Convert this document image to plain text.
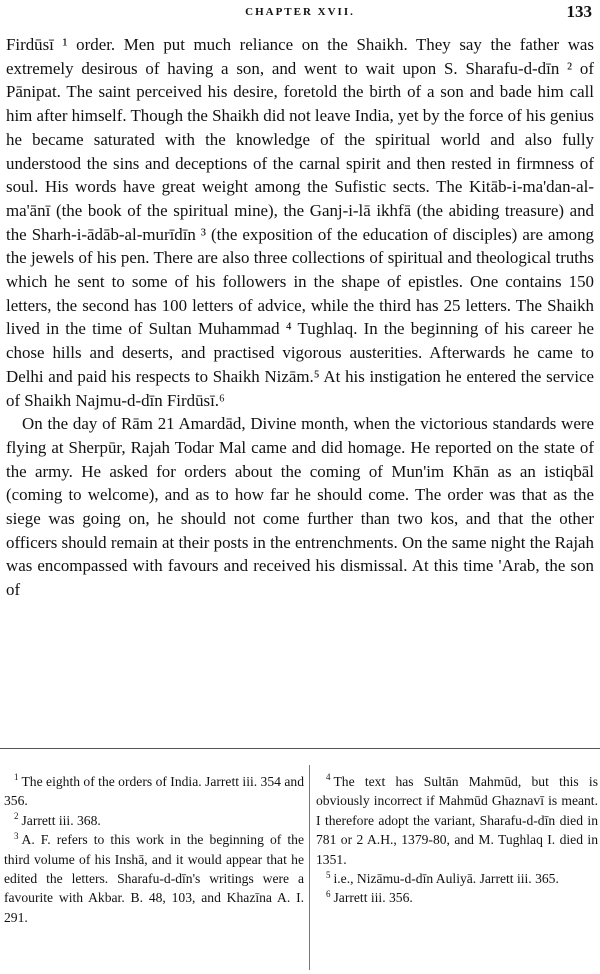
CHAPTER XVII.	133

Firdūsī ¹ order. Men put much reliance on the Shaikh. They say the father was extremely desirous of having a son, and went to wait upon S. Sharafu-d-dīn ² of Pānipat. The saint perceived his desire, foretold the birth of a son and bade him call him after himself. Though the Shaikh did not leave India, yet by the force of his genius he became saturated with the knowledge of the spiritual world and also fully understood the sins and deceptions of the carnal spirit and then rested in firmness of soul. His words have great weight among the Sufistic sects. The Kitāb-i-ma'dan-al-ma'ānī (the book of the spiritual mine), the Ganj-i-lā ikhfā (the abiding treasure) and the Sharh-i-ādāb-al-murīdīn ³ (the exposition of the education of disciples) are among the jewels of his pen. There are also three collections of spiritual and theological truths which he sent to some of his followers in the shape of epistles. One contains 150 letters, the second has 100 letters of advice, while the third has 25 letters. The Shaikh lived in the time of Sultan Muhammad ⁴ Tughlaq. In the beginning of his career he chose hills and deserts, and practised vigorous austerities. Afterwards he came to Delhi and paid his respects to Shaikh Nizām.⁵ At his instigation he entered the service of Shaikh Najmu-d-dīn Firdūsī.⁶

On the day of Rām 21 Amardād, Divine month, when the victorious standards were flying at Sherpūr, Rajah Todar Mal came and did homage. He reported on the state of the army. He asked for orders about the coming of Mun'im Khān as an istiqbāl (coming to welcome), and as to how far he should come. The order was that as the siege was going on, he should not come further than two kos, and that the other officers should remain at their posts in the entrenchments. On the same night the Rajah was encompassed with favours and received his dismissal. At this time 'Arab, the son of

$^1$ The eighth of the orders of India. Jarrett iii. 354 and 356.
$^2$ Jarrett iii. 368.
$^3$ A. F. refers to this work in the beginning of the third volume of his Inshā, and it would appear that he edited the letters. Sharafu-d-dīn's writings were a favourite with Akbar. B. 48, 103, and Khazīna A. I. 291.
$^4$ The text has Sultān Mahmūd, but this is obviously incorrect if Mahmūd Ghaznavī is meant. I therefore adopt the variant, Sharafu-d-dīn died in 781 or 2 A.H., 1379-80, and M. Tughlaq I. died in 1351.
$^5$ i.e., Nizāmu-d-dīn Auliyā. Jarrett iii. 365.
$^6$ Jarrett iii. 356.
